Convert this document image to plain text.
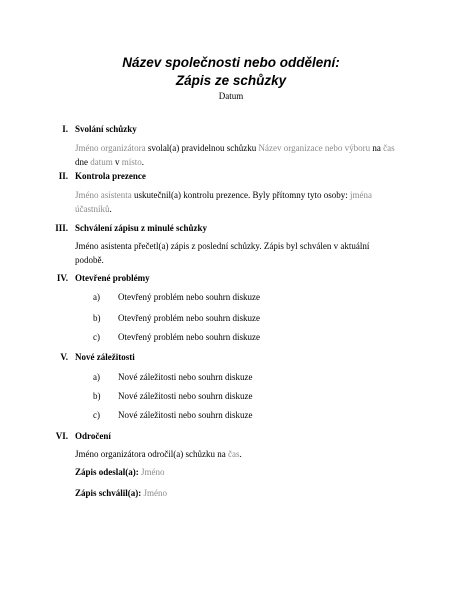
Název společnosti nebo oddělení:
Zápis ze schůzky
Datum
I. Svolání schůzky
Jméno organizátora svolal(a) pravidelnou schůzku Název organizace nebo výboru na čas dne datum v místo.
II. Kontrola prezence
Jméno asistenta uskutečnil(a) kontrolu prezence. Byly přítomny tyto osoby: jména účastníků.
III. Schválení zápisu z minulé schůzky
Jméno asistenta přečetl(a) zápis z poslední schůzky. Zápis byl schválen v aktuální podobě.
IV. Otevřené problémy
a) Otevřený problém nebo souhrn diskuze
b) Otevřený problém nebo souhrn diskuze
c) Otevřený problém nebo souhrn diskuze
V. Nové záležitosti
a) Nové záležitosti nebo souhrn diskuze
b) Nové záležitosti nebo souhrn diskuze
c) Nové záležitosti nebo souhrn diskuze
VI. Odročení
Jméno organizátora odročil(a) schůzku na čas.
Zápis odeslal(a): Jméno
Zápis schválil(a): Jméno
